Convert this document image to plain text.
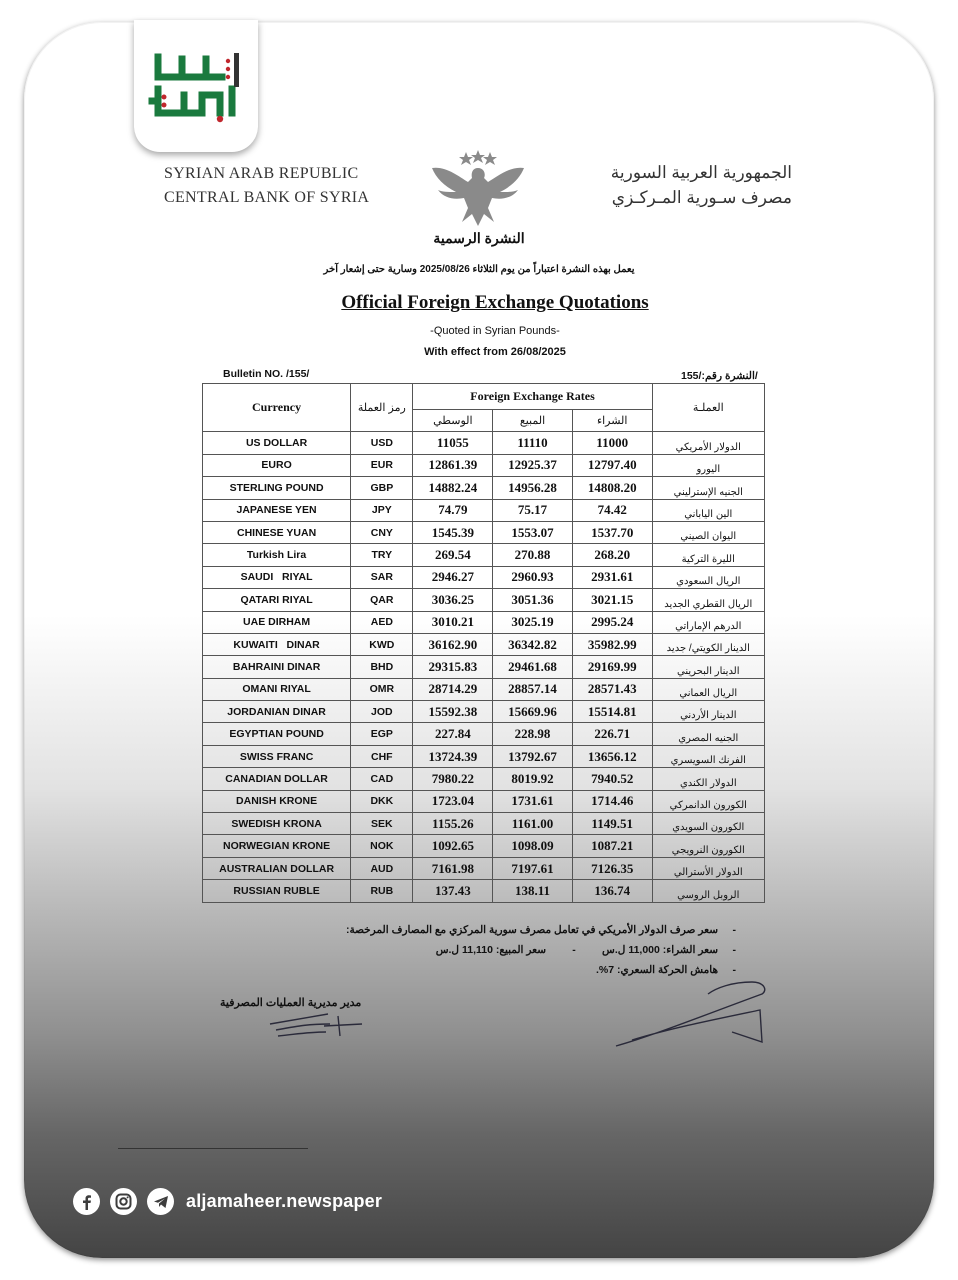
SYRIAN ARAB REPUBLIC
CENTRAL BANK OF SYRIA
الجمهورية العربية السورية
مصرف سـورية المـركـزي
النشرة الرسمية
يعمل بهذه النشرة اعتباراً من يوم الثلاثاء 2025/08/26 وسارية حتى إشعار آخر
Official Foreign Exchange Quotations
-Quoted in Syrian Pounds-
With effect from 26/08/2025
Bulletin NO. /155/	النشرة رقم:/155/
Currency	رمز العملة	Foreign Exchange Rates			العملـة
		الوسطي	المبيع	الشراء	
US DOLLAR	USD	11055	11110	11000	الدولار الأمريكي
EURO	EUR	12861.39	12925.37	12797.40	اليورو
STERLING POUND	GBP	14882.24	14956.28	14808.20	الجنيه الإسترليني
JAPANESE YEN	JPY	74.79	75.17	74.42	الين الياباني
CHINESE YUAN	CNY	1545.39	1553.07	1537.70	اليوان الصيني
Turkish Lira	TRY	269.54	270.88	268.20	الليرة التركية
SAUDI   RIYAL	SAR	2946.27	2960.93	2931.61	الريال السعودي
QATARI RIYAL	QAR	3036.25	3051.36	3021.15	الريال القطري الجديد
UAE DIRHAM	AED	3010.21	3025.19	2995.24	الدرهم الإماراتي
KUWAITI   DINAR	KWD	36162.90	36342.82	35982.99	الدينار الكويتي/ جديد
BAHRAINI DINAR	BHD	29315.83	29461.68	29169.99	الدينار البحريني
OMANI RIYAL	OMR	28714.29	28857.14	28571.43	الريال العماني
JORDANIAN DINAR	JOD	15592.38	15669.96	15514.81	الدينار الأردني
EGYPTIAN POUND	EGP	227.84	228.98	226.71	الجنيه المصري
SWISS FRANC	CHF	13724.39	13792.67	13656.12	الفرنك السويسري
CANADIAN DOLLAR	CAD	7980.22	8019.92	7940.52	الدولار الكندي
DANISH KRONE	DKK	1723.04	1731.61	1714.46	الكورون الدانمركي
SWEDISH KRONA	SEK	1155.26	1161.00	1149.51	الكورون السويدي
NORWEGIAN KRONE	NOK	1092.65	1098.09	1087.21	الكورون النرويجي
AUSTRALIAN DOLLAR	AUD	7161.98	7197.61	7126.35	الدولار الأسترالي
RUSSIAN RUBLE	RUB	137.43	138.11	136.74	الروبل الروسي
-
سعر صرف الدولار الأمريكي في تعامل مصرف سورية المركزي مع المصارف المرخصة:
-
سعر الشراء: 11,000 ل.س
-
سعر المبيع: 11,110 ل.س
-
هامش الحركة السعري: 7%.
مدير مديرية العمليات المصرفية
aljamaheer.newspaper
